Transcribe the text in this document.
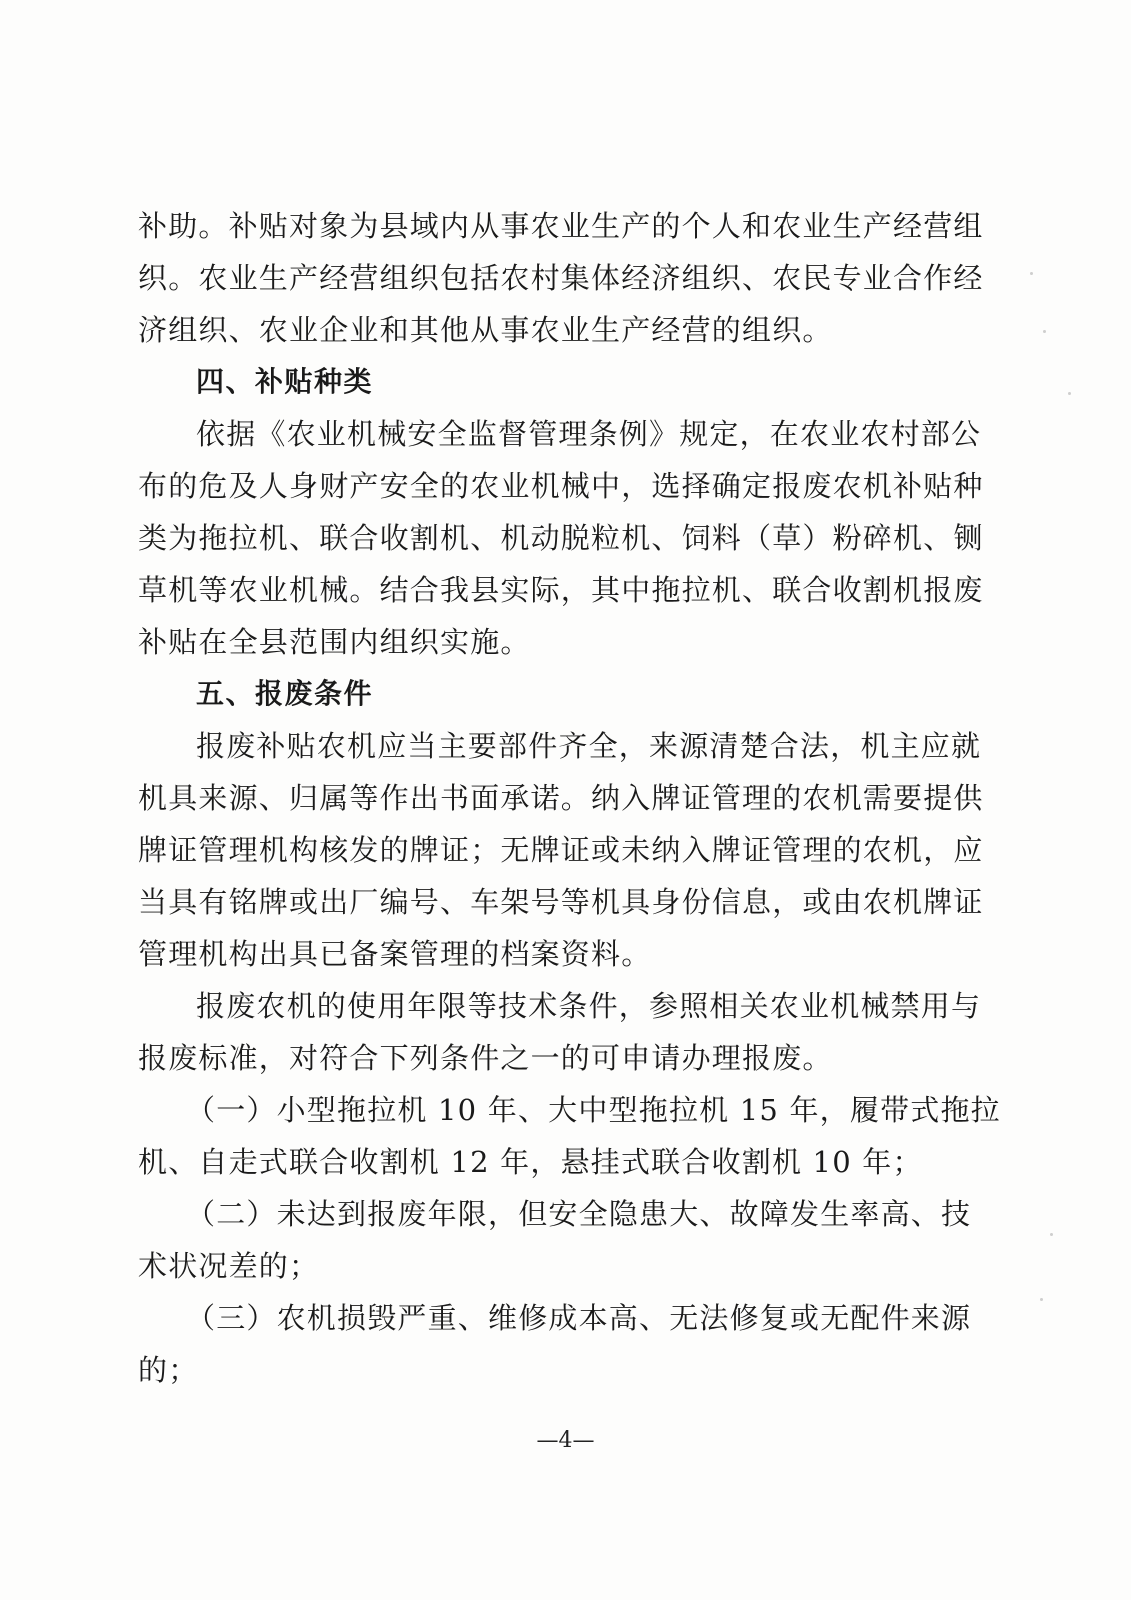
补助。补贴对象为县域内从事农业生产的个人和农业生产经营组
织。农业生产经营组织包括农村集体经济组织、农民专业合作经
济组织、农业企业和其他从事农业生产经营的组织。
四、补贴种类
依据《农业机械安全监督管理条例》规定，在农业农村部公
布的危及人身财产安全的农业机械中，选择确定报废农机补贴种
类为拖拉机、联合收割机、机动脱粒机、饲料（草）粉碎机、铡
草机等农业机械。结合我县实际，其中拖拉机、联合收割机报废
补贴在全县范围内组织实施。
五、报废条件
报废补贴农机应当主要部件齐全，来源清楚合法，机主应就
机具来源、归属等作出书面承诺。纳入牌证管理的农机需要提供
牌证管理机构核发的牌证；无牌证或未纳入牌证管理的农机，应
当具有铭牌或出厂编号、车架号等机具身份信息，或由农机牌证
管理机构出具已备案管理的档案资料。
报废农机的使用年限等技术条件，参照相关农业机械禁用与
报废标准，对符合下列条件之一的可申请办理报废。
（一）小型拖拉机 10 年、大中型拖拉机 15 年，履带式拖拉
机、自走式联合收割机 12 年，悬挂式联合收割机 10 年；
（二）未达到报废年限，但安全隐患大、故障发生率高、技
术状况差的；
（三）农机损毁严重、维修成本高、无法修复或无配件来源
的；
—4—
